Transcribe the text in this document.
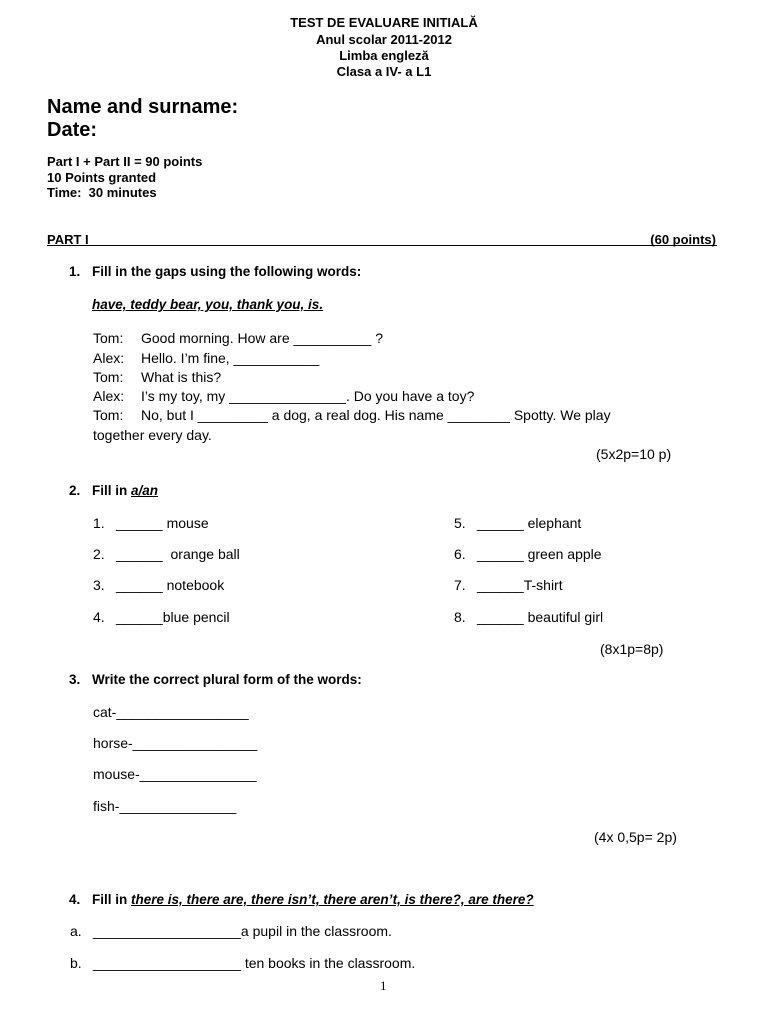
TEST DE EVALUARE INITIALĂ
Anul scolar 2011-2012
Limba engleză
Clasa a IV- a L1
Name and surname:
Date:
Part I + Part II = 90 points
10 Points granted
Time:  30 minutes
PART I	(60 points)
1. Fill in the gaps using the following words:
have, teddy bear, you, thank you, is.
Tom: Good morning. How are __________ ?
Alex: Hello. I’m fine, ___________
Tom: What is this?
Alex: I’s my toy, my _______________. Do you have a toy?
Tom: No, but I _________ a dog, a real dog. His name ________ Spotty. We play
together every day.
(5x2p=10 p)
2. Fill in a/an
1. ______ mouse
2. ______  orange ball
3. ______ notebook
4. ______blue pencil
5. ______ elephant
6. ______ green apple
7. ______T-shirt
8. ______ beautiful girl
(8x1p=8p)
3. Write the correct plural form of the words:
cat-_________________
horse-________________
mouse-_______________
fish-_______________
(4x 0,5p= 2p)
4. Fill in there is, there are, there isn’t, there aren’t, is there?, are there?
a. ___________________a pupil in the classroom.
b. ___________________ ten books in the classroom.
1
